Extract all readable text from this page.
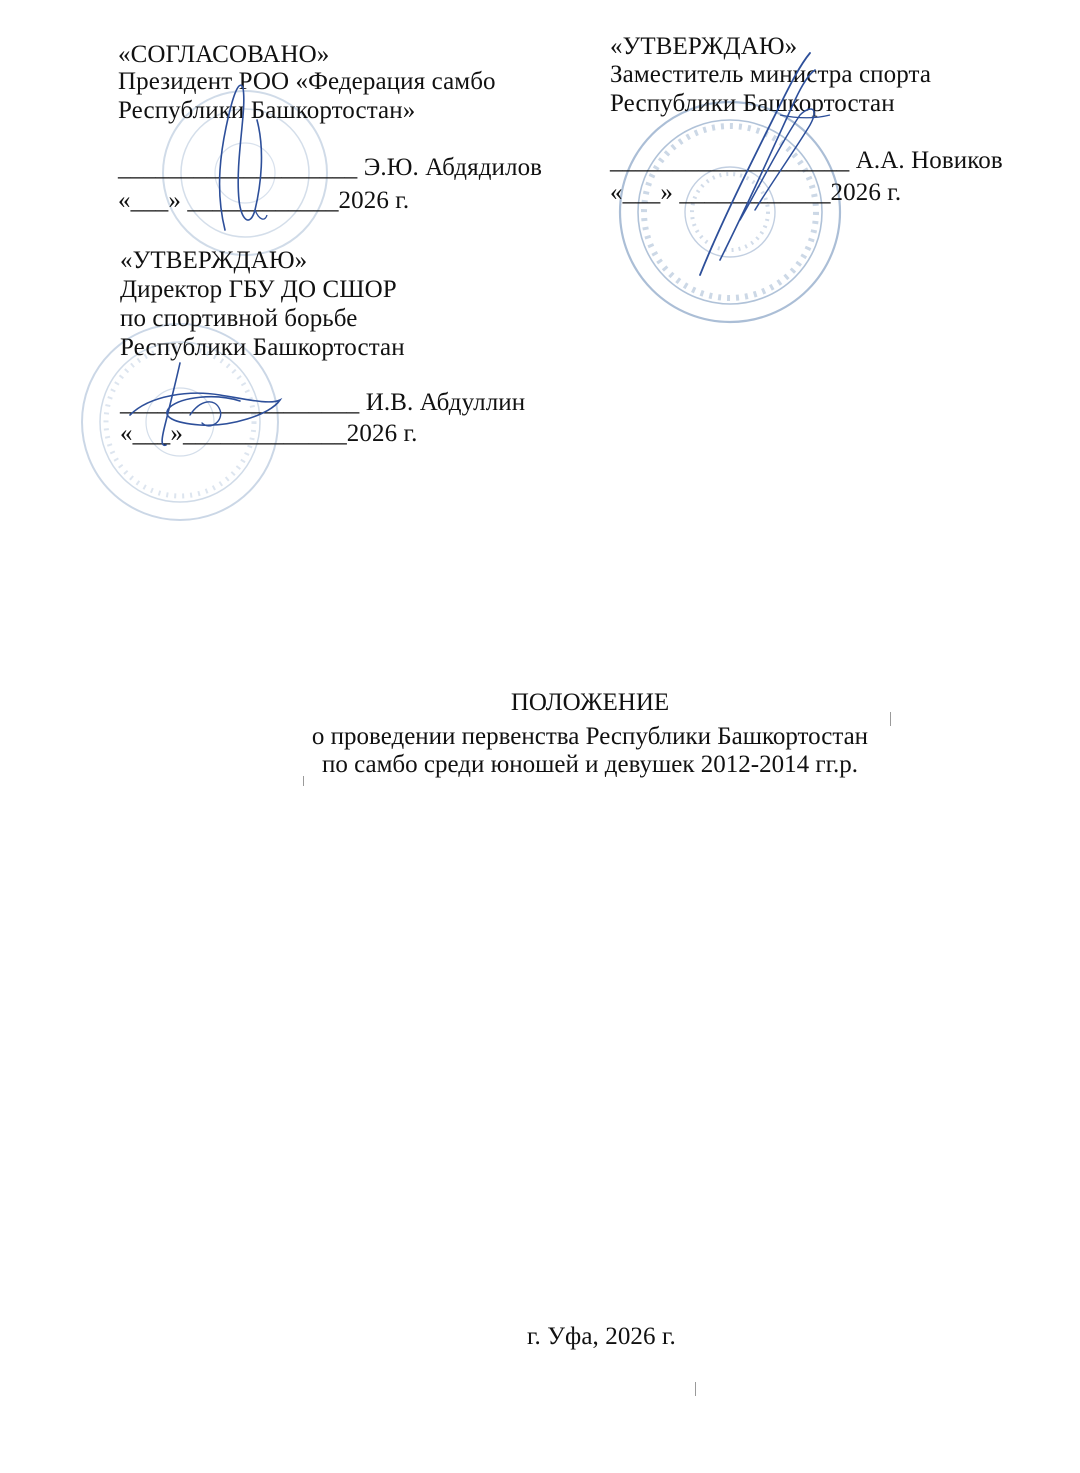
«СОГЛАСОВАНО»
Президент РОО «Федерация самбо
Республики Башкортостан»
___________________ Э.Ю. Абдядилов
«___» ____________2026 г.
«УТВЕРЖДАЮ»
Заместитель министра спорта
Республики Башкортостан
___________________ А.А. Новиков
«___» ____________2026 г.
«УТВЕРЖДАЮ»
Директор ГБУ ДО СШОР
по спортивной борьбе
Республики Башкортостан
___________________ И.В. Абдуллин
«___»_____________2026 г.
ПОЛОЖЕНИЕ
о проведении первенства Республики Башкортостан
по самбо среди юношей и девушек 2012-2014 гг.р.
г. Уфа, 2026 г.
